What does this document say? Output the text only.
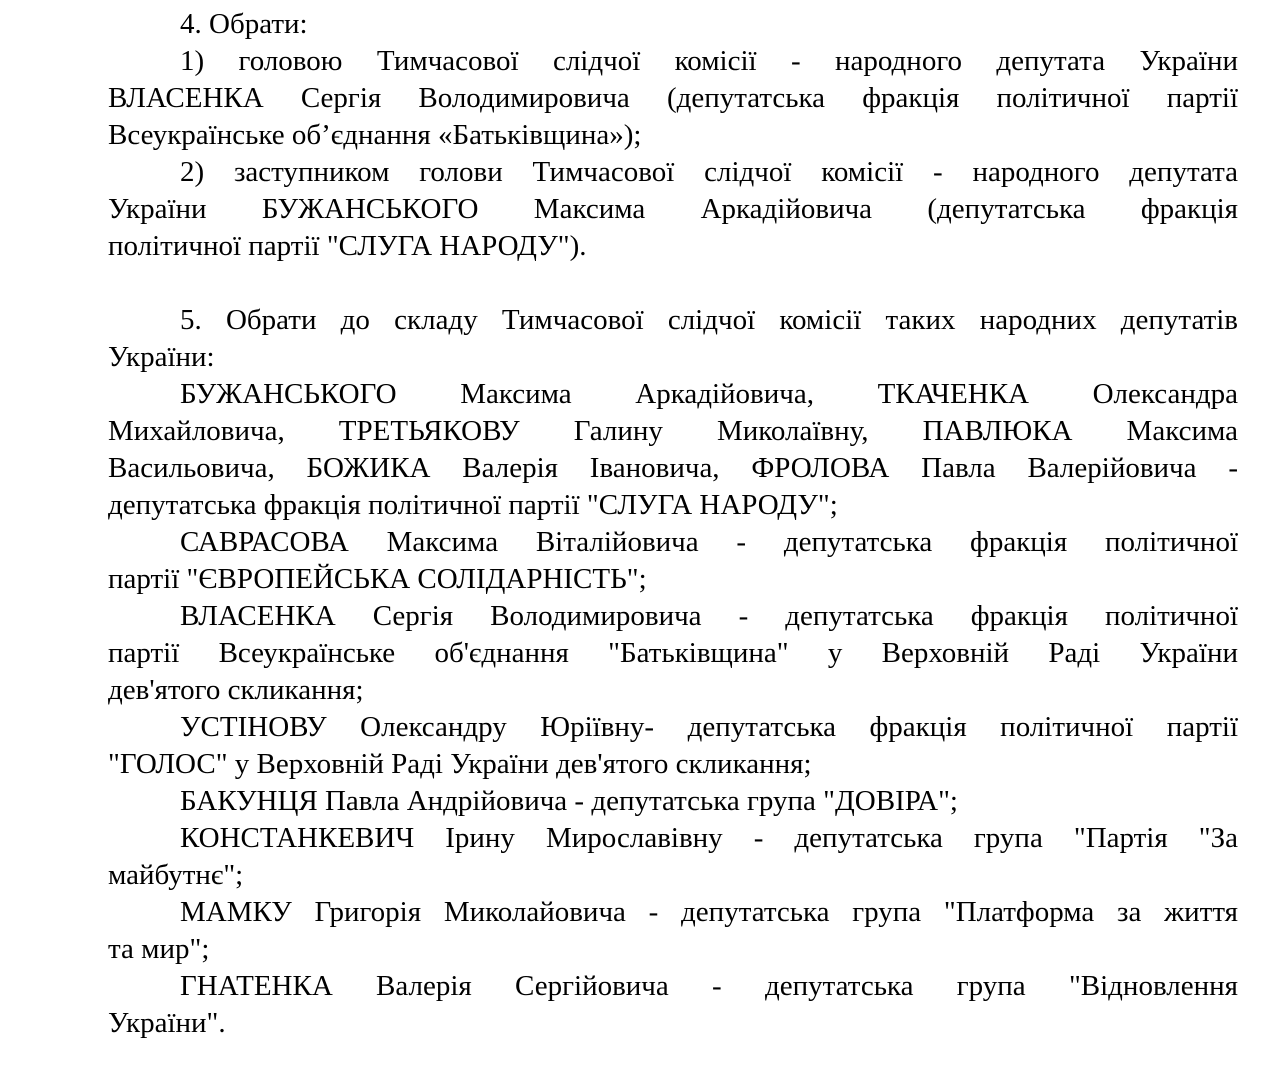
4. Обрати:
1) головою Тимчасової слідчої комісії - народного депутата України
ВЛАСЕНКА Сергія Володимировича (депутатська фракція політичної партії
Всеукраїнське об’єднання «Батьківщина»);
2) заступником голови Тимчасової слідчої комісії - народного депутата
України БУЖАНСЬКОГО Максима Аркадійовича (депутатська фракція
політичної партії "СЛУГА НАРОДУ").
5. Обрати до складу Тимчасової слідчої комісії таких народних депутатів
України:
БУЖАНСЬКОГО Максима Аркадійовича, ТКАЧЕНКА Олександра
Михайловича, ТРЕТЬЯКОВУ Галину Миколаївну, ПАВЛЮКА Максима
Васильовича, БОЖИКА Валерія Івановича, ФРОЛОВА Павла Валерійовича -
депутатська фракція політичної партії "СЛУГА НАРОДУ";
САВРАСОВА Максима Віталійовича - депутатська фракція політичної
партії "ЄВРОПЕЙСЬКА СОЛІДАРНІСТЬ";
ВЛАСЕНКА Сергія Володимировича - депутатська фракція політичної
партії Всеукраїнське об'єднання "Батьківщина" у Верховній Раді України
дев'ятого скликання;
УСТІНОВУ Олександру Юріївну- депутатська фракція політичної партії
"ГОЛОС" у Верховній Раді України дев'ятого скликання;
БАКУНЦЯ Павла Андрійовича - депутатська група "ДОВІРА";
КОНСТАНКЕВИЧ Ірину Мирославівну - депутатська група "Партія "За
майбутнє";
МАМКУ Григорія Миколайовича - депутатська група "Платформа за життя
та мир";
ГНАТЕНКА Валерія Сергійовича - депутатська група "Відновлення
України".
